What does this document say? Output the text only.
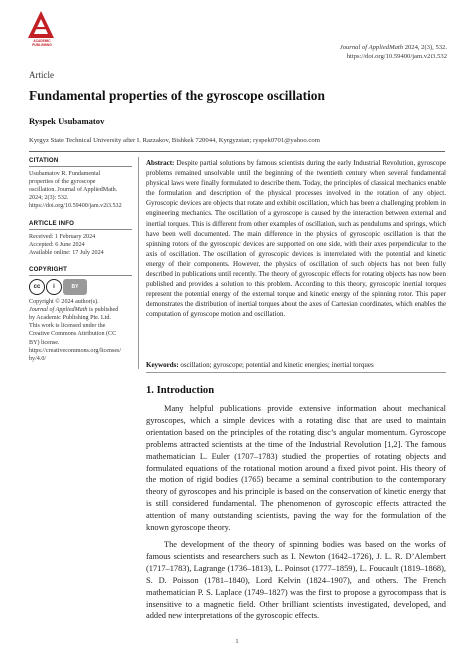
ACADEMIC PUBLISHING	Journal of AppliedMath 2024, 2(3), 532.
https://doi.org/10.59400/jam.v2i3.532
Article
Fundamental properties of the gyroscope oscillation
Ryspek Usubamatov
Kyrgyz State Technical University after I. Razzakov, Bishkek 720044, Kyrgyzstan; ryspek0701@yahoo.com
CITATION
Usubamatov R. Fundamental
properties of the gyroscope
oscillation. Journal of AppliedMath.
2024; 2(3): 532.
https://doi.org/10.59400/jam.v2i3.532
ARTICLE INFO
Received: 1 February 2024
Accepted: 6 June 2024
Available online: 17 July 2024
COPYRIGHT
cc	i	BY
Copyright © 2024 author(s).
Journal of AppliedMath is published
by Academic Publishing Pte. Ltd.
This work is licensed under the
Creative Commons Attribution (CC
BY) license.
https://creativecommons.org/licenses/
by/4.0/
Abstract: Despite partial solutions by famous scientists during the early Industrial Revolution, gyroscope problems remained unsolvable until the beginning of the twentieth century when several fundamental physical laws were finally formulated to describe them. Today, the principles of classical mechanics enable the formulation and description of the physical processes involved in the rotation of any object. Gyroscopic devices are objects that rotate and exhibit oscillation, which has been a challenging problem in engineering mechanics. The oscillation of a gyroscope is caused by the interaction between external and inertial torques. This is different from other examples of oscillation, such as pendulums and springs, which have been well documented. The main difference in the physics of gyroscopic oscillation is that the spinning rotors of the gyroscopic devices are supported on one side, with their axes perpendicular to the axis of oscillation. The oscillation of gyroscopic devices is interrelated with the potential and kinetic energy of their components. However, the physics of oscillation of such objects has not been fully described in publications until recently. The theory of gyroscopic effects for rotating objects has now been published and provides a solution to this problem. According to this theory, gyroscopic inertial torques represent the potential energy of the external torque and kinetic energy of the spinning rotor. This paper demonstrates the distribution of inertial torques about the axes of Cartesian coordinates, which enables the computation of gyroscope motion and oscillation.
Keywords: oscillation; gyroscope; potential and kinetic energies; inertial torques
1. Introduction

Many helpful publications provide extensive information about mechanical gyroscopes, which a simple devices with a rotating disc that are used to maintain orientation based on the principles of the rotating disc’s angular momentum. Gyroscope problems attracted scientists at the time of the Industrial Revolution [1,2]. The famous mathematician L. Euler (1707–1783) studied the properties of rotating objects and formulated equations of the rotational motion around a fixed pivot point. His theory of the motion of rigid bodies (1765) became a seminal contribution to the contemporary theory of gyroscopes and his principle is based on the conservation of kinetic energy that is still considered fundamental. The phenomenon of gyroscopic effects attracted the attention of many outstanding scientists, paving the way for the formulation of the known gyroscope theory.

The development of the theory of spinning bodies was based on the works of famous scientists and researchers such as I. Newton (1642–1726), J. L. R. D’Alembert (1717–1783), Lagrange (1736–1813), L. Poinsot (1777–1859), L. Foucault (1819–1868), S. D. Poisson (1781–1840), Lord Kelvin (1824–1907), and others. The French mathematician P. S. Laplace (1749–1827) was the first to propose a gyrocompass that is insensitive to a magnetic field. Other brilliant scientists investigated, developed, and added new interpretations of the gyroscopic effects.

1
